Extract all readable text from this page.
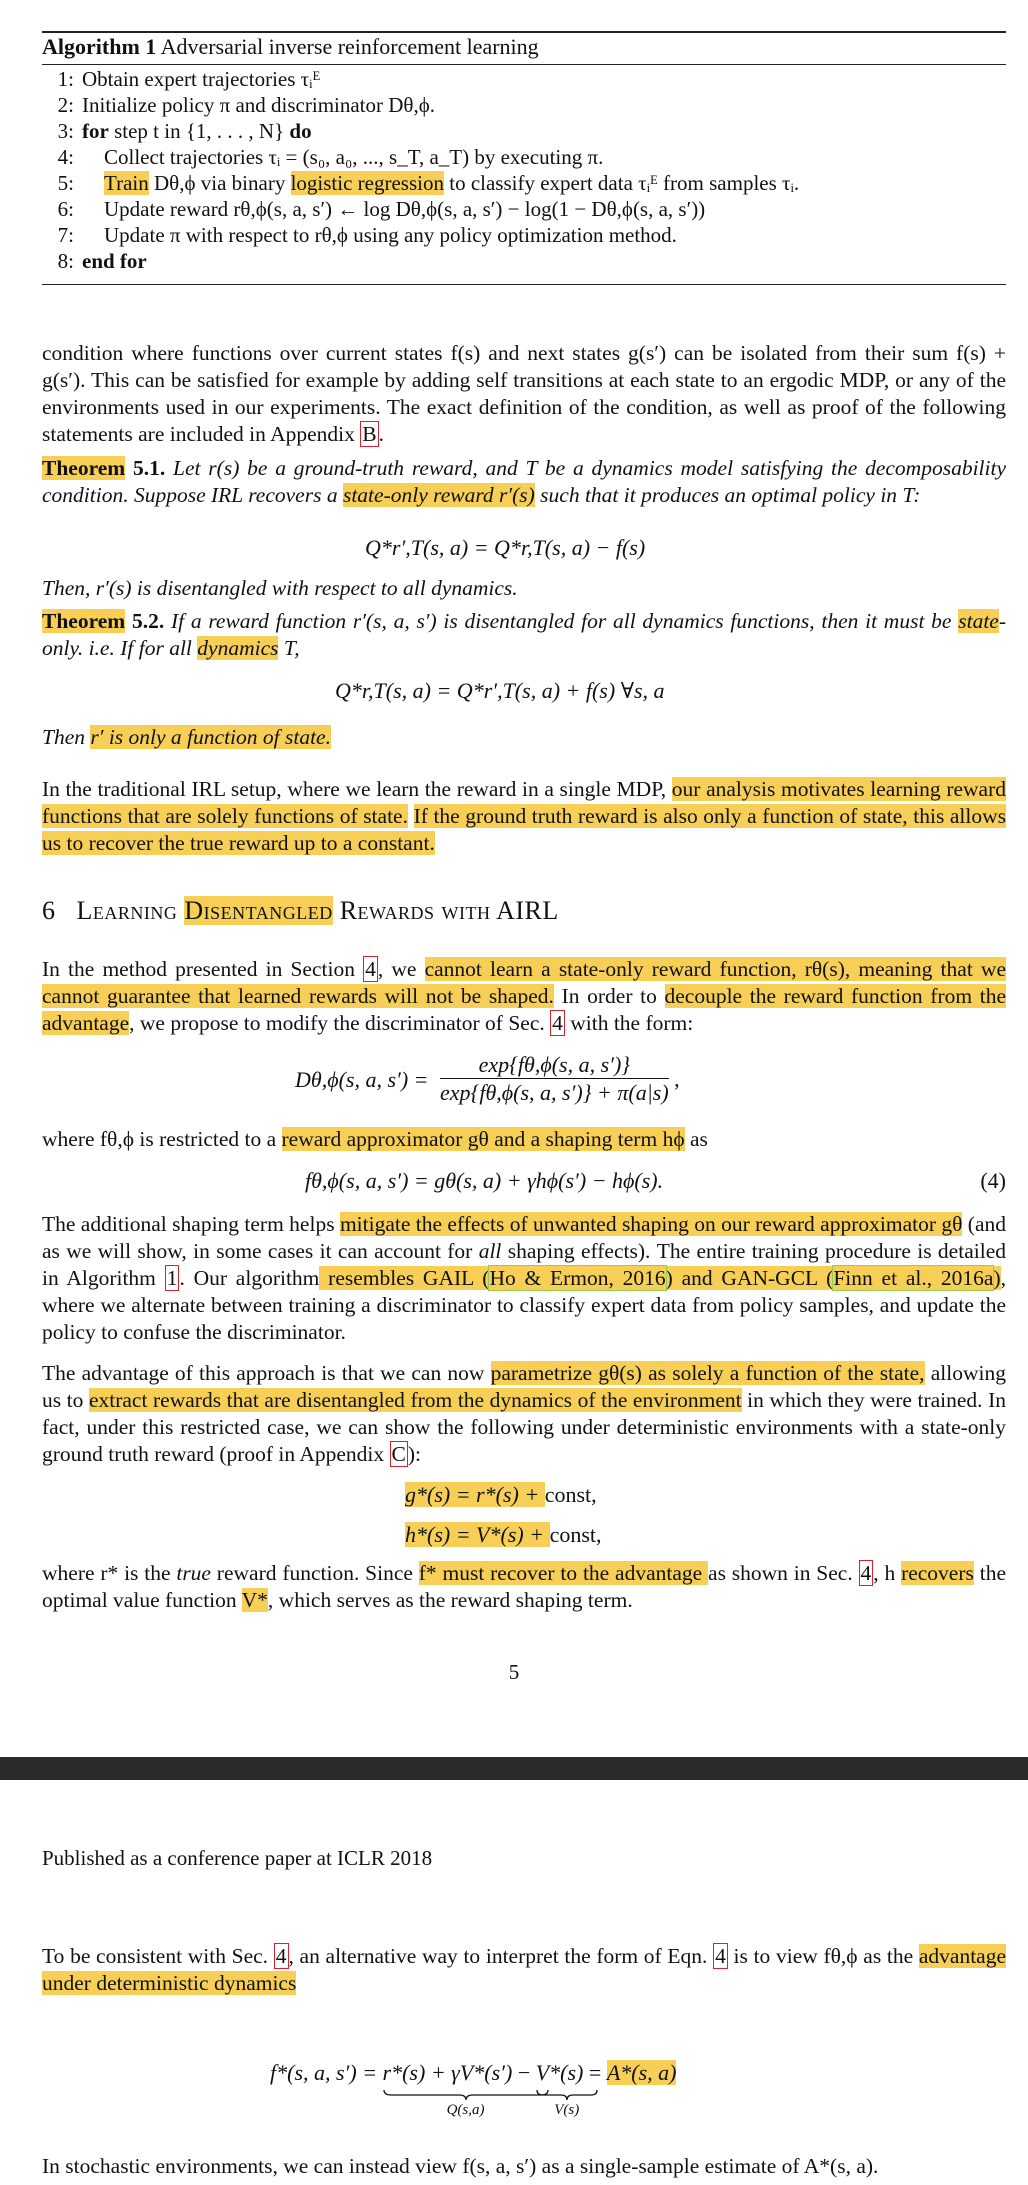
Algorithm 1 Adversarial inverse reinforcement learning
1: Obtain expert trajectories τᵢᴱ
2: Initialize policy π and discriminator Dθ,ϕ.
3: for step t in {1, . . . , N} do
4: Collect trajectories τᵢ = (s₀, a₀, ..., s_T, a_T) by executing π.
5: Train Dθ,ϕ via binary logistic regression to classify expert data τᵢᴱ from samples τᵢ.
6: Update reward rθ,ϕ(s, a, s′) ← log Dθ,ϕ(s, a, s′) − log(1 − Dθ,ϕ(s, a, s′))
7: Update π with respect to rθ,ϕ using any policy optimization method.
8: end for
condition where functions over current states f(s) and next states g(s′) can be isolated from their sum f(s) + g(s′). This can be satisfied for example by adding self transitions at each state to an ergodic MDP, or any of the environments used in our experiments. The exact definition of the condition, as well as proof of the following statements are included in Appendix B.
Theorem 5.1. Let r(s) be a ground-truth reward, and T be a dynamics model satisfying the decomposability condition. Suppose IRL recovers a state-only reward r′(s) such that it produces an optimal policy in T:
Q*r′,T(s, a) = Q*r,T(s, a) − f(s)
Then, r′(s) is disentangled with respect to all dynamics.
Theorem 5.2. If a reward function r′(s, a, s′) is disentangled for all dynamics functions, then it must be state-only. i.e. If for all dynamics T,
Q*r,T(s, a) = Q*r′,T(s, a) + f(s) ∀s, a
Then r′ is only a function of state.
In the traditional IRL setup, where we learn the reward in a single MDP, our analysis motivates learning reward functions that are solely functions of state. If the ground truth reward is also only a function of state, this allows us to recover the true reward up to a constant.
6 Learning Disentangled Rewards with AIRL
In the method presented in Section 4, we cannot learn a state-only reward function, rθ(s), meaning that we cannot guarantee that learned rewards will not be shaped. In order to decouple the reward function from the advantage, we propose to modify the discriminator of Sec. 4 with the form:
Dθ,ϕ(s, a, $s') = \frac{\exp\{f\theta,\phi(s, a, s')\}}{\exp\{f\theta,\phi(s, a, s')\} + \pi(a|s)}$ ,
where fθ,ϕ is restricted to a reward approximator gθ and a shaping term hϕ as
fθ,ϕ(s, a, s′) = gθ(s, a) + γhϕ(s′) − hϕ(s).	(4)
The additional shaping term helps mitigate the effects of unwanted shaping on our reward approximator gθ (and as we will show, in some cases it can account for all shaping effects). The entire training procedure is detailed in Algorithm 1. Our algorithm resembles GAIL (Ho & Ermon, 2016) and GAN-GCL (Finn et al., 2016a), where we alternate between training a discriminator to classify expert data from policy samples, and update the policy to confuse the discriminator.
The advantage of this approach is that we can now parametrize gθ(s) as solely a function of the state, allowing us to extract rewards that are disentangled from the dynamics of the environment in which they were trained. In fact, under this restricted case, we can show the following under deterministic environments with a state-only ground truth reward (proof in Appendix C):
g*(s) = r*(s) + const,
h*(s) = V*(s) + const,
where r* is the true reward function. Since f* must recover to the advantage as shown in Sec. 4, h recovers the optimal value function V*, which serves as the reward shaping term.
5
Published as a conference paper at ICLR 2018
To be consistent with Sec. 4, an alternative way to interpret the form of Eqn. 4 is to view fθ,ϕ as the advantage under deterministic dynamics
f*(s, a, s′) = r*(s) + γV*(s′)
Q(s,a)
− V*(s)
V(s)
= A*(s, a)
In stochastic environments, we can instead view f(s, a, s′) as a single-sample estimate of A*(s, a).
